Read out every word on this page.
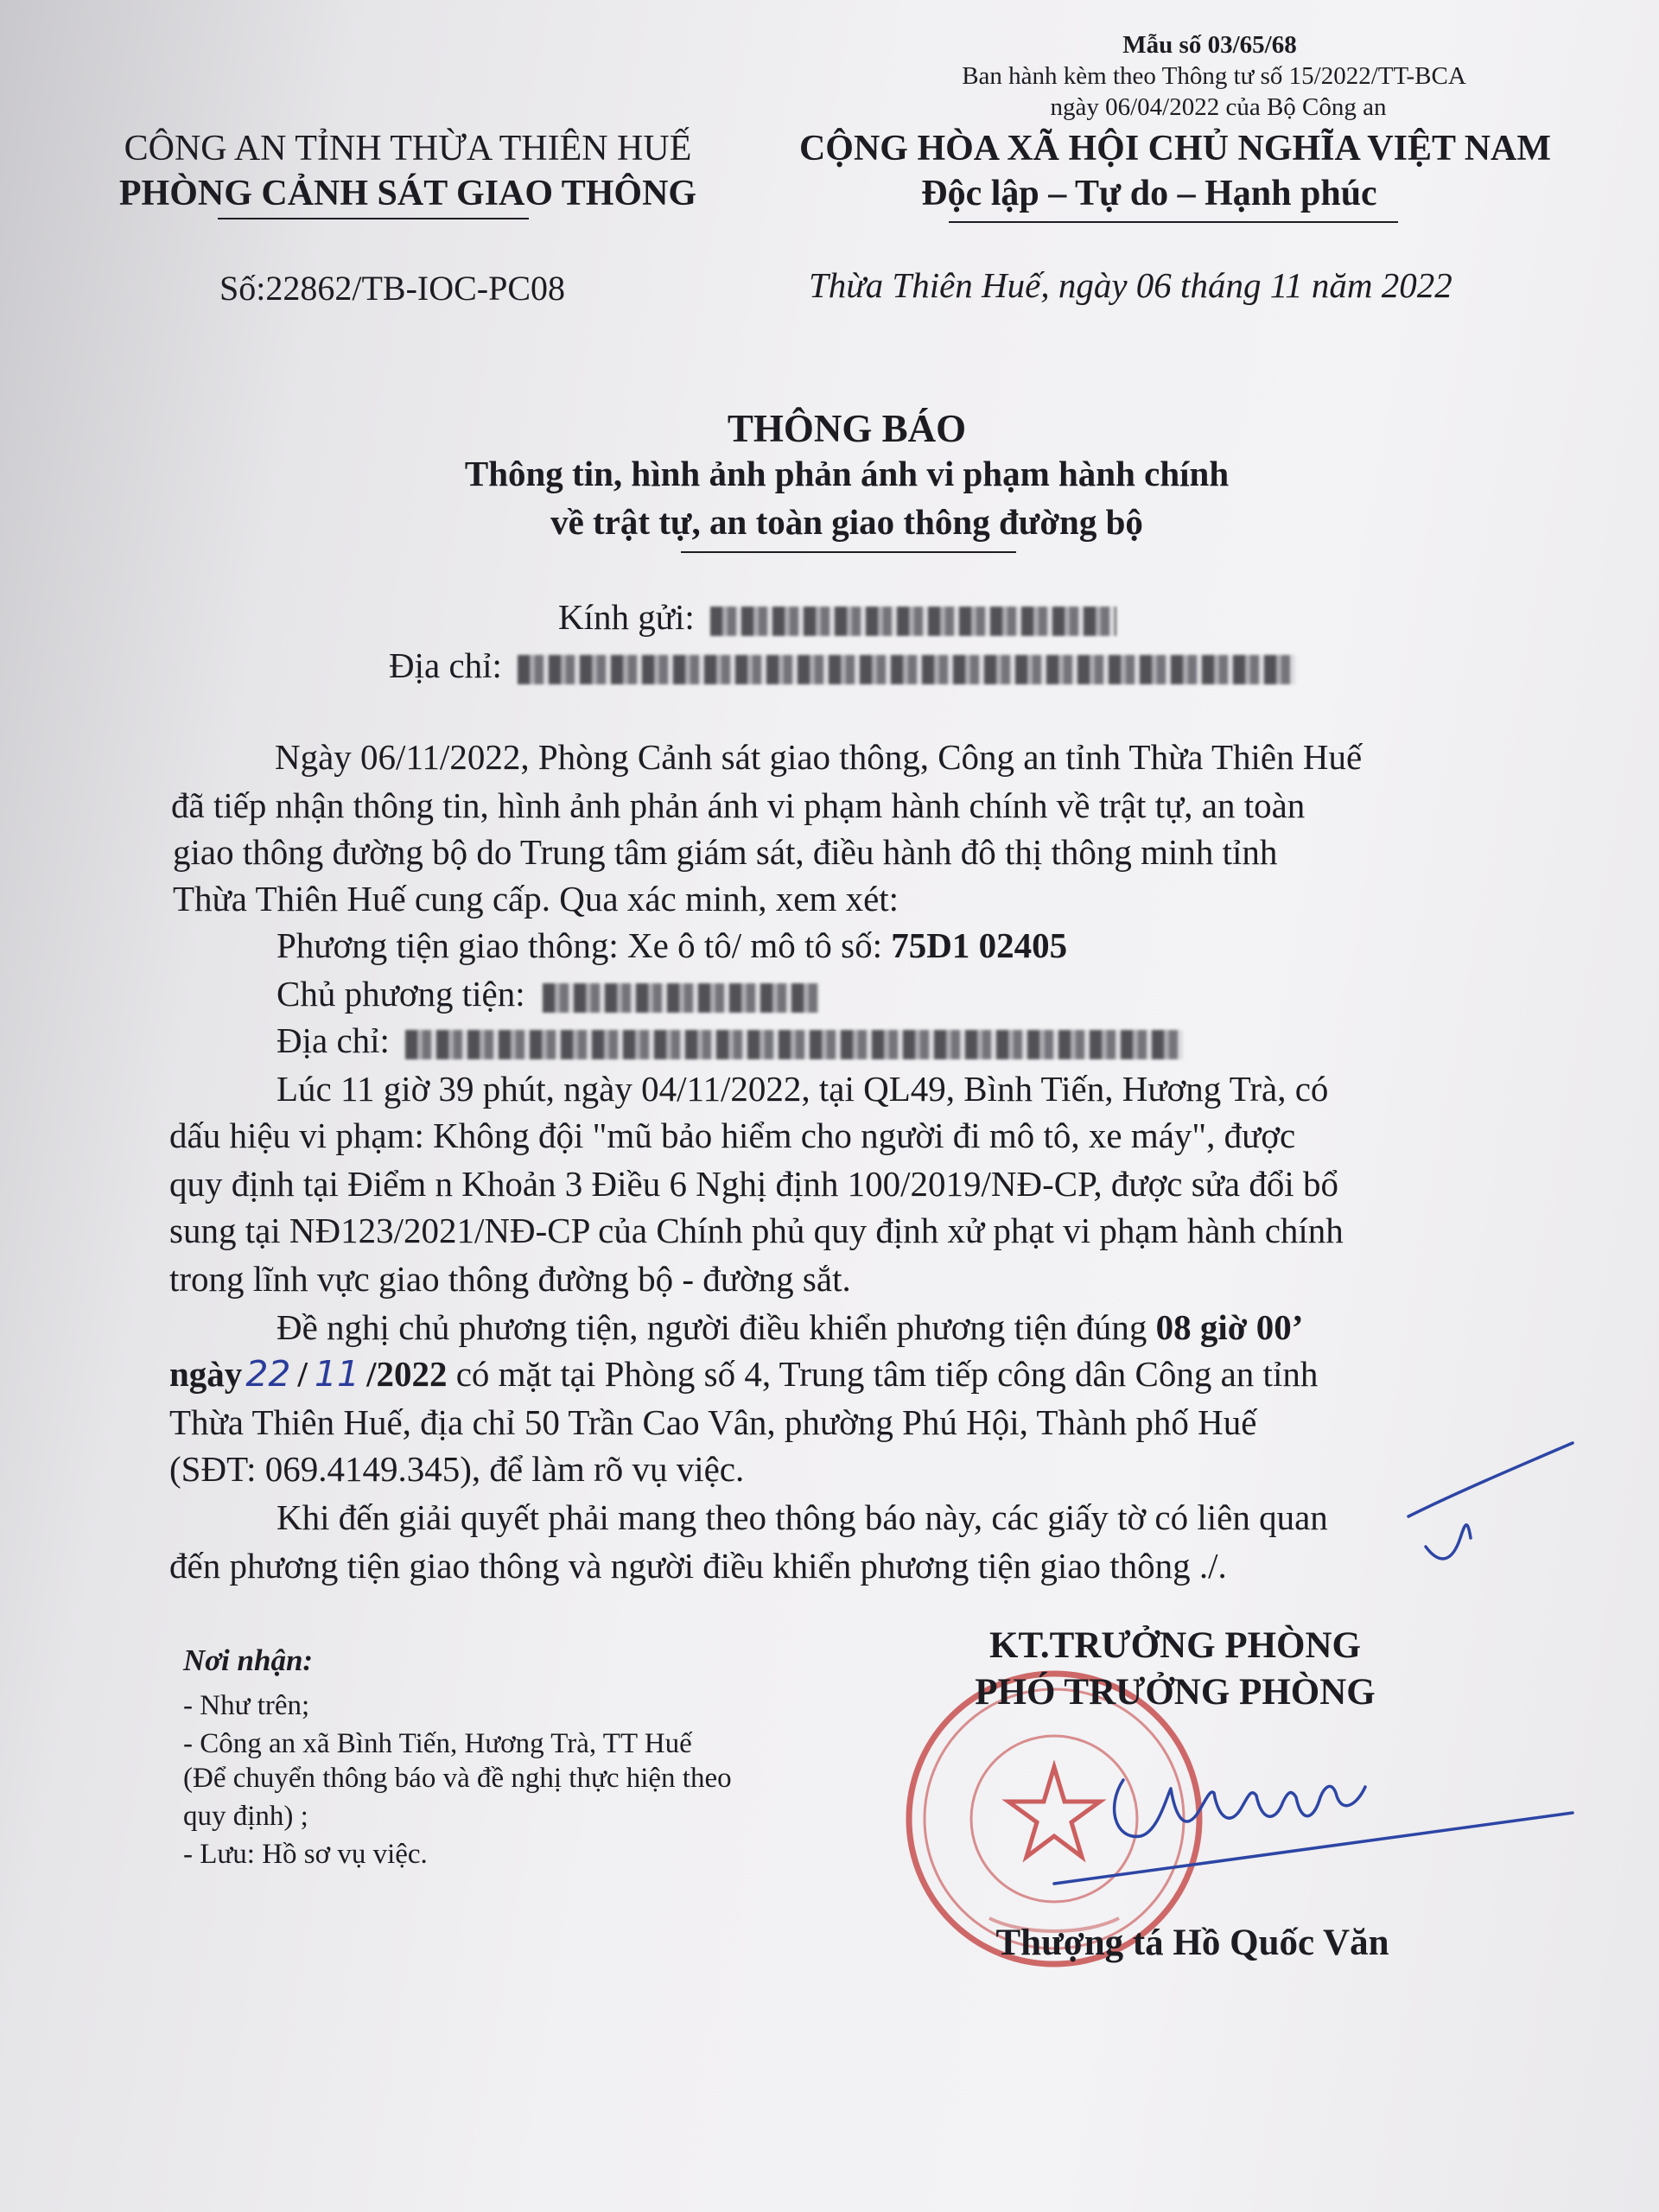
Mẫu số 03/65/68
Ban hành kèm theo Thông tư số 15/2022/TT-BCA
ngày 06/04/2022 của Bộ Công an
CÔNG AN TỈNH THỪA THIÊN HUẾ
PHÒNG CẢNH SÁT GIAO THÔNG
Số:22862/TB-IOC-PC08
CỘNG HÒA XÃ HỘI CHỦ NGHĨA VIỆT NAM
Độc lập – Tự do – Hạnh phúc
Thừa Thiên Huế, ngày 06 tháng 11 năm 2022
THÔNG BÁO
Thông tin, hình ảnh phản ánh vi phạm hành chính
về trật tự, an toàn giao thông đường bộ
Kính gửi:
Địa chỉ:
Ngày 06/11/2022, Phòng Cảnh sát giao thông, Công an tỉnh Thừa Thiên Huế
đã tiếp nhận thông tin, hình ảnh phản ánh vi phạm hành chính về trật tự, an toàn
giao thông đường bộ do Trung tâm giám sát, điều hành đô thị thông minh tỉnh
Thừa Thiên Huế cung cấp. Qua xác minh, xem xét:
Phương tiện giao thông: Xe ô tô/ mô tô số: 75D1 02405
Chủ phương tiện:
Địa chỉ:
Lúc 11 giờ 39 phút, ngày 04/11/2022, tại QL49, Bình Tiến, Hương Trà, có
dấu hiệu vi phạm: Không đội "mũ bảo hiểm cho người đi mô tô, xe máy", được
quy định tại Điểm n Khoản 3 Điều 6 Nghị định 100/2019/NĐ-CP, được sửa đổi bổ
sung tại NĐ123/2021/NĐ-CP của Chính phủ quy định xử phạt vi phạm hành chính
trong lĩnh vực giao thông đường bộ - đường sắt.
Đề nghị chủ phương tiện, người điều khiển phương tiện đúng 08 giờ 00’
ngày22 / 11 /2022 có mặt tại Phòng số 4, Trung tâm tiếp công dân Công an tỉnh
Thừa Thiên Huế, địa chỉ 50 Trần Cao Vân, phường Phú Hội, Thành phố Huế
(SĐT: 069.4149.345), để làm rõ vụ việc.
Khi đến giải quyết phải mang theo thông báo này, các giấy tờ có liên quan
đến phương tiện giao thông và người điều khiển phương tiện giao thông ./.
Nơi nhận:
- Như trên;
- Công an xã Bình Tiến, Hương Trà, TT Huế
(Để chuyển thông báo và đề nghị thực hiện theo
quy định) ;
- Lưu: Hồ sơ vụ việc.
KT.TRƯỞNG PHÒNG
PHÓ TRƯỞNG PHÒNG
Thượng tá Hồ Quốc Văn
